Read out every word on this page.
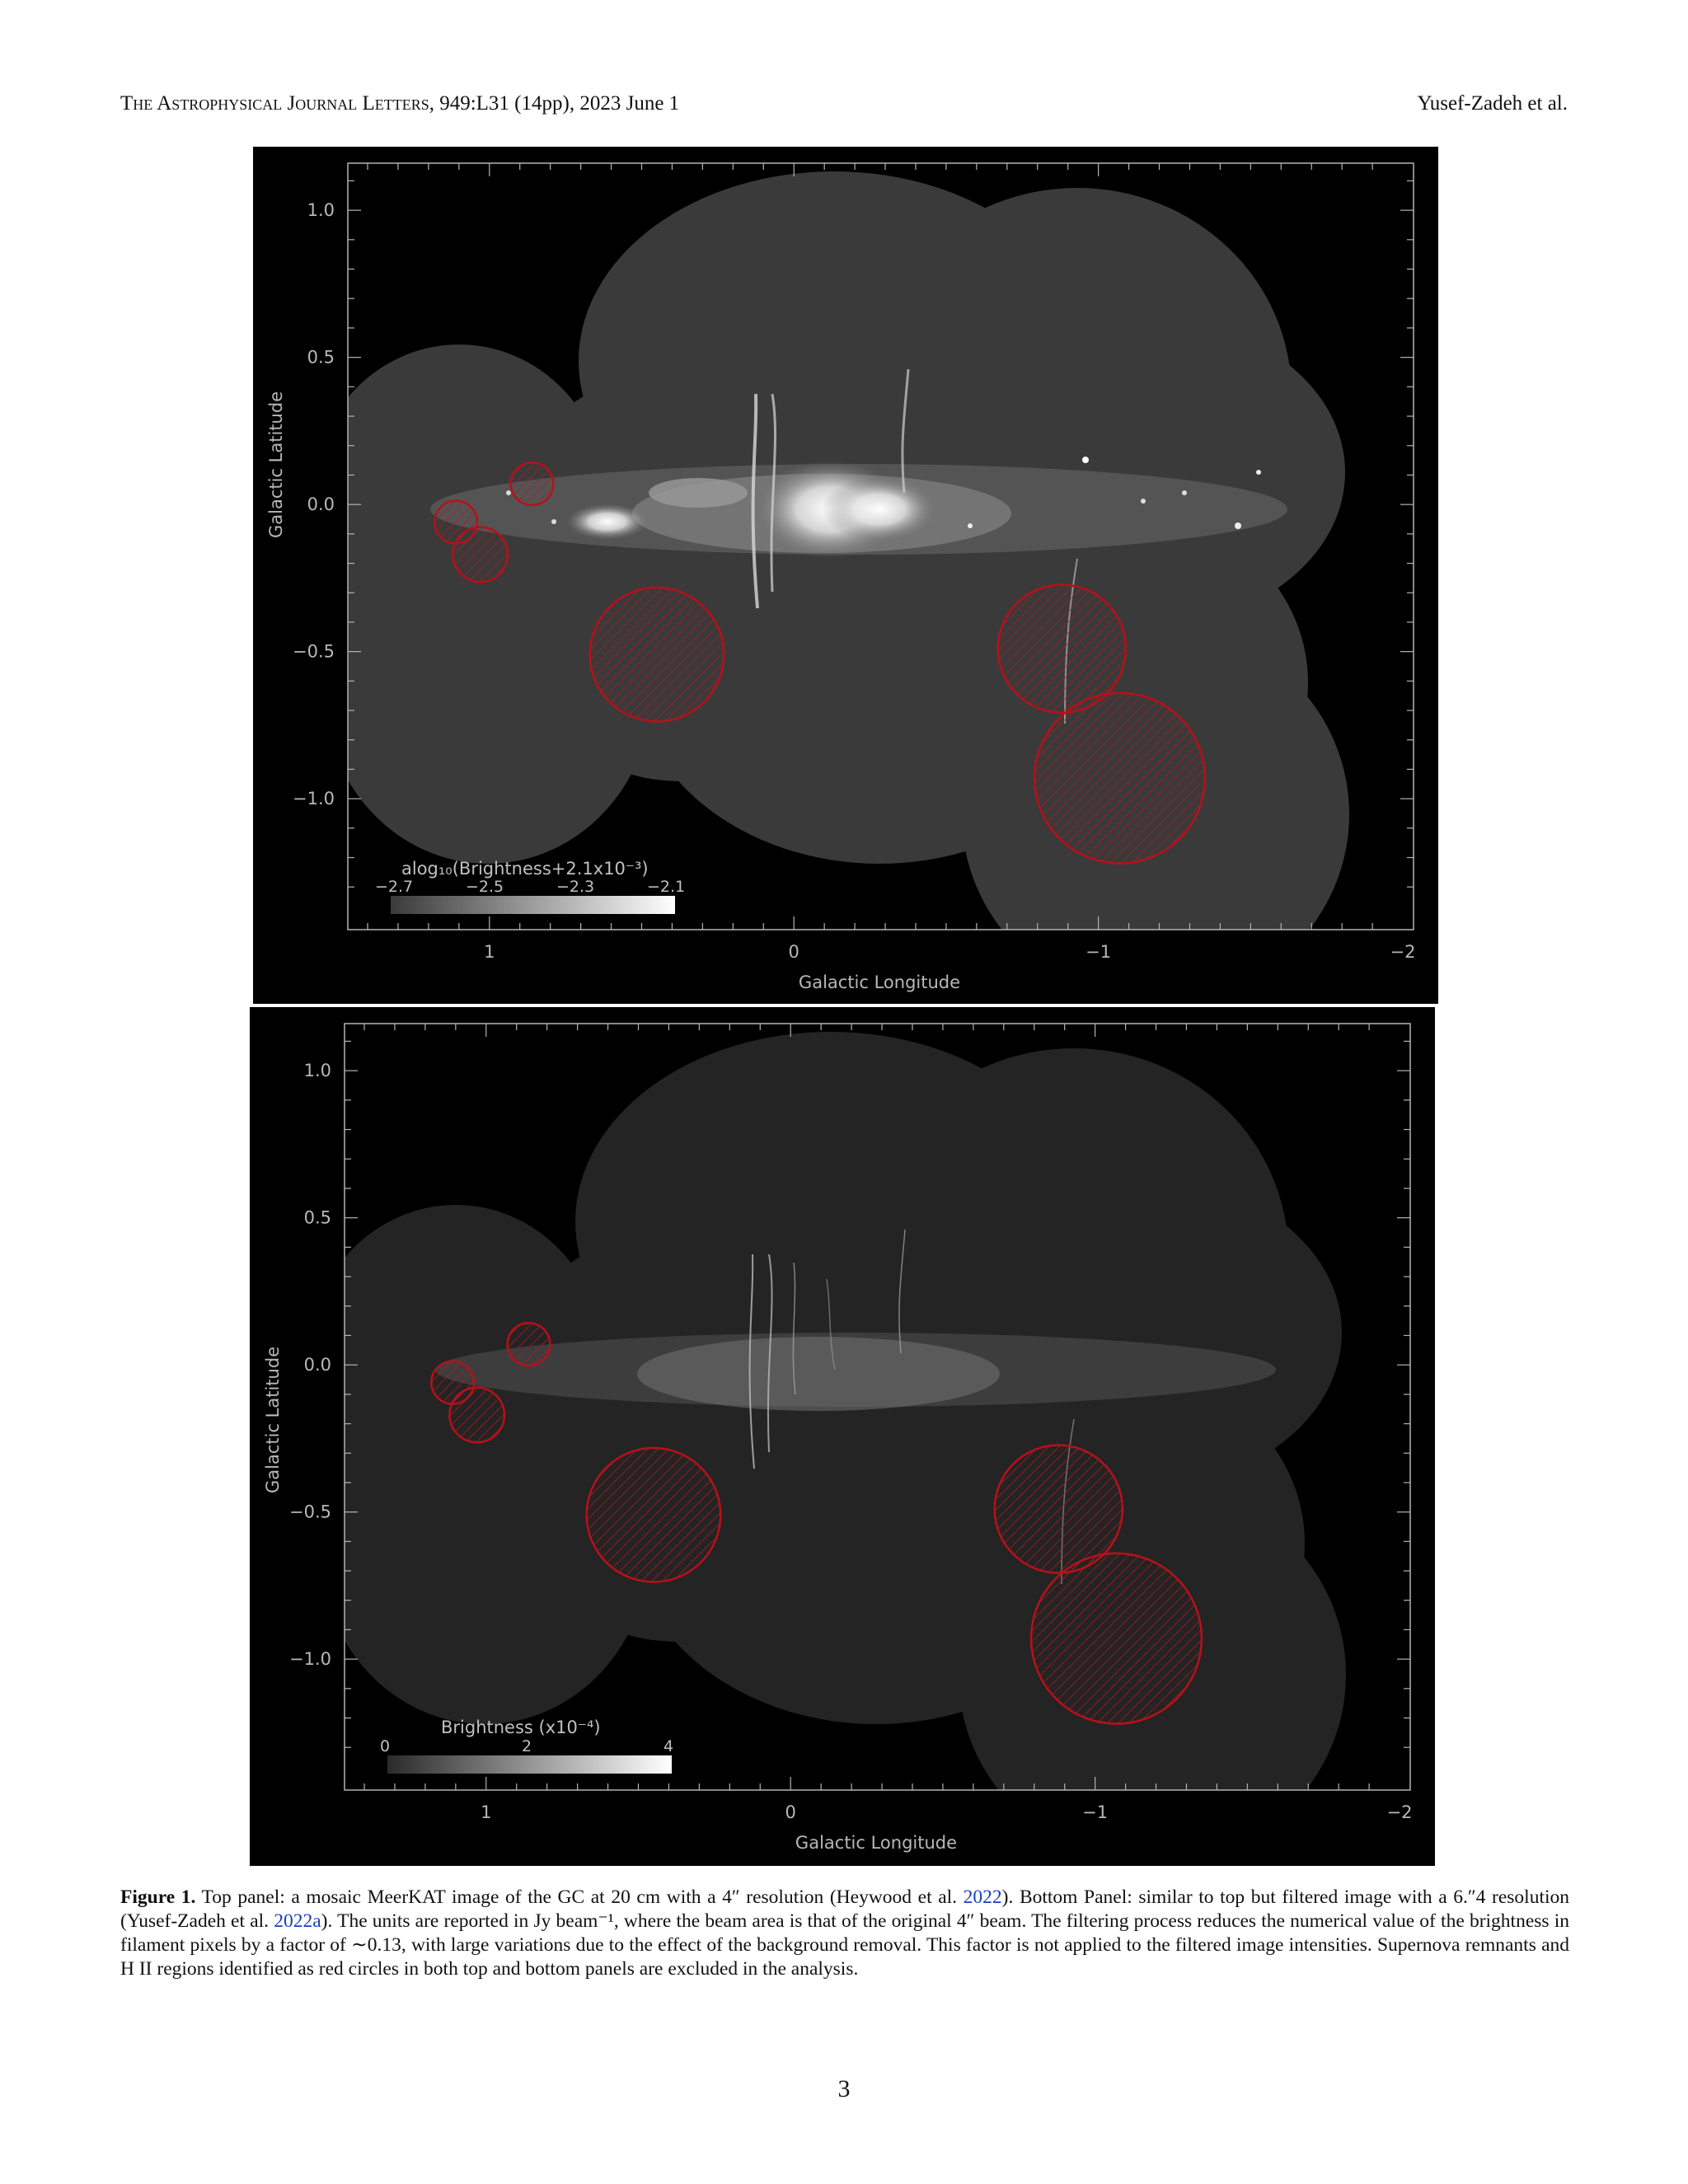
The Astrophysical Journal Letters, 949:L31 (14pp), 2023 June 1	Yusef-Zadeh et al.
1	0	−1	−2
1.0
0.5
0.0
−0.5
−1.0
alog₁₀(Brightness+2.1x10⁻³)
−2.7	−2.5	−2.3	−2.1
Galactic Latitude
Galactic Longitude
1	0	−1	−2
1.0
0.5
0.0
−0.5
−1.0
Brightness (x10⁻⁴)
0	2	4
Galactic Latitude
Galactic Longitude
Figure 1. Top panel: a mosaic MeerKAT image of the GC at 20 cm with a 4″ resolution (Heywood et al. 2022). Bottom Panel: similar to top but filtered image with a 6.″4 resolution (Yusef-Zadeh et al. 2022a). The units are reported in Jy beam⁻¹, where the beam area is that of the original 4″ beam. The filtering process reduces the numerical value of the brightness in filament pixels by a factor of ∼0.13, with large variations due to the effect of the background removal. This factor is not applied to the filtered image intensities. Supernova remnants and H II regions identified as red circles in both top and bottom panels are excluded in the analysis.
3
